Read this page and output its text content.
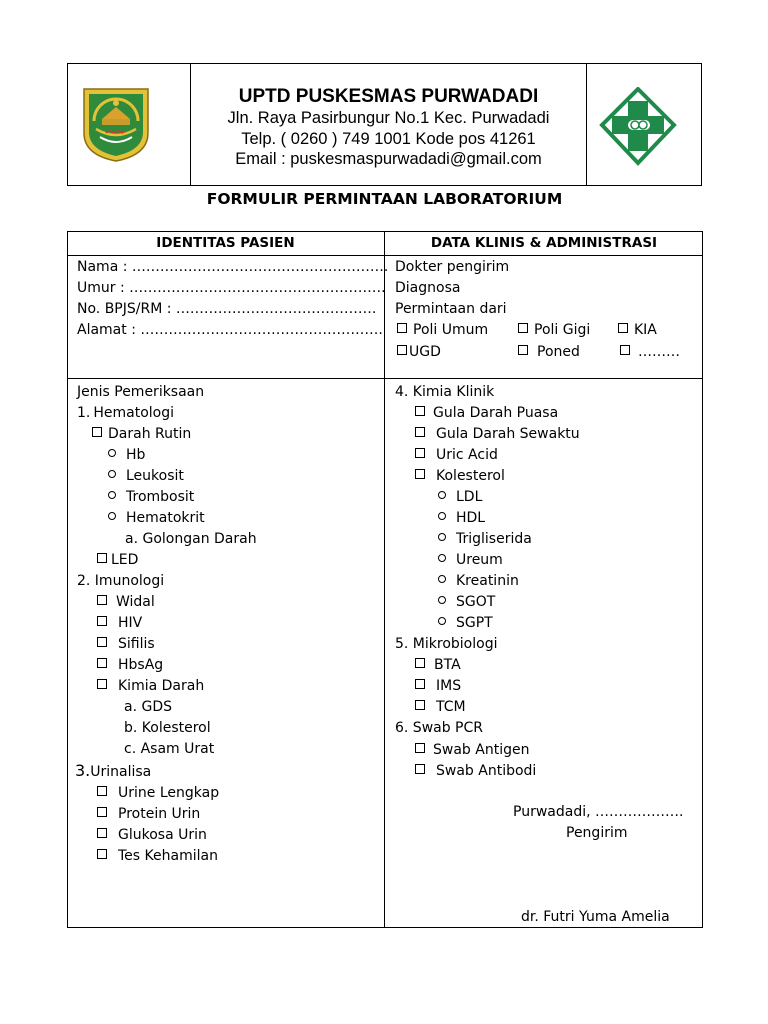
UPTD PUSKESMAS PURWADADI
Jln. Raya Pasirbungur No.1 Kec. Purwadadi
Telp. ( 0260 ) 749 1001 Kode pos 41261
Email : puskesmaspurwadadi@gmail.com
FORMULIR PERMINTAAN LABORATORIUM
IDENTITAS PASIEN	DATA KLINIS & ADMINISTRASI
Nama : ……………………………………………….
Umur : ……………………………………………….
No. BPJS/RM : …………………………………….
Alamat : …………………………………………….
Dokter pengirim
Diagnosa
Permintaan dari
Poli Umum	Poli Gigi	KIA
UGD	Poned	………
Jenis Pemeriksaan
1. Hematologi
Darah Rutin
Hb
Leukosit
Trombosit
Hematokrit
a. Golongan Darah
LED
2. Imunologi
Widal
HIV
Sifilis
HbsAg
Kimia Darah
a. GDS
b. Kolesterol
c. Asam Urat
3.Urinalisa
Urine Lengkap
Protein Urin
Glukosa Urin
Tes Kehamilan
4. Kimia Klinik
Gula Darah Puasa
Gula Darah Sewaktu
Uric Acid
Kolesterol
LDL
HDL
Trigliserida
Ureum
Kreatinin
SGOT
SGPT
5. Mikrobiologi
BTA
IMS
TCM
6. Swab PCR
Swab Antigen
Swab Antibodi
Purwadadi, ……………….
Pengirim
dr. Futri Yuma Amelia
